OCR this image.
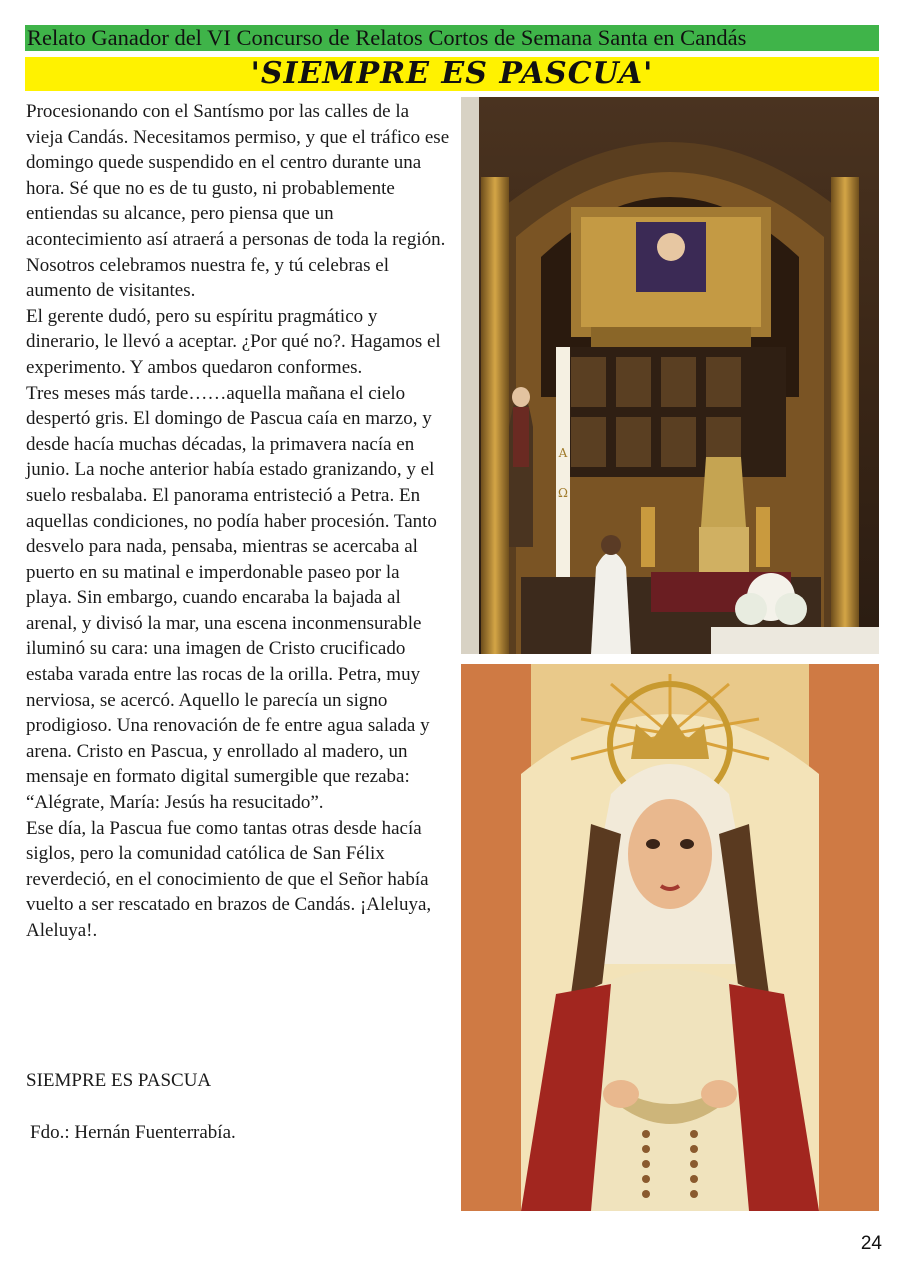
Relato Ganador del VI Concurso de Relatos Cortos de Semana Santa en Candás
'SIEMPRE ES PASCUA'

Procesionando con el Santísmo por las calles de la vieja Candás. Necesitamos permiso, y que el tráfico ese domingo quede suspendido en el centro durante una hora. Sé que no es de tu gusto, ni probablemente entiendas su alcance, pero piensa que un acontecimiento así atraerá a personas de toda la región. Nosotros celebramos nuestra fe, y tú celebras el aumento de visitantes.

El gerente dudó, pero su espíritu pragmático y dinerario, le llevó a aceptar. ¿Por qué no?. Hagamos el experimento. Y ambos quedaron conformes.

Tres meses más tarde……aquella mañana el cielo despertó gris. El domingo de Pascua caía en marzo, y desde hacía muchas décadas, la primavera nacía en junio. La noche anterior había estado granizando, y el suelo resbalaba. El panorama entristeció a Petra. En aquellas condiciones, no podía haber procesión. Tanto desvelo para nada, pensaba, mientras se acercaba al puerto en su matinal e imperdonable paseo por la playa. Sin embargo, cuando encaraba la bajada al arenal, y divisó la mar, una escena inconmensurable iluminó su cara: una imagen de Cristo crucificado estaba varada entre las rocas de la orilla. Petra, muy nerviosa, se acercó. Aquello le parecía un signo prodigioso. Una renovación de fe entre agua salada y arena. Cristo en Pascua, y enrollado al madero, un mensaje en formato digital sumergible que rezaba: “Alégrate, María: Jesús ha resucitado”.

Ese día, la Pascua fue como tantas otras desde hacía siglos, pero la comunidad católica de San Félix reverdeció, en el conocimiento de que el Señor había vuelto a ser rescatado en brazos de Candás. ¡Aleluya, Aleluya!.

SIEMPRE ES PASCUA

Fdo.: Hernán Fuenterrabía.

A
Ω
24
